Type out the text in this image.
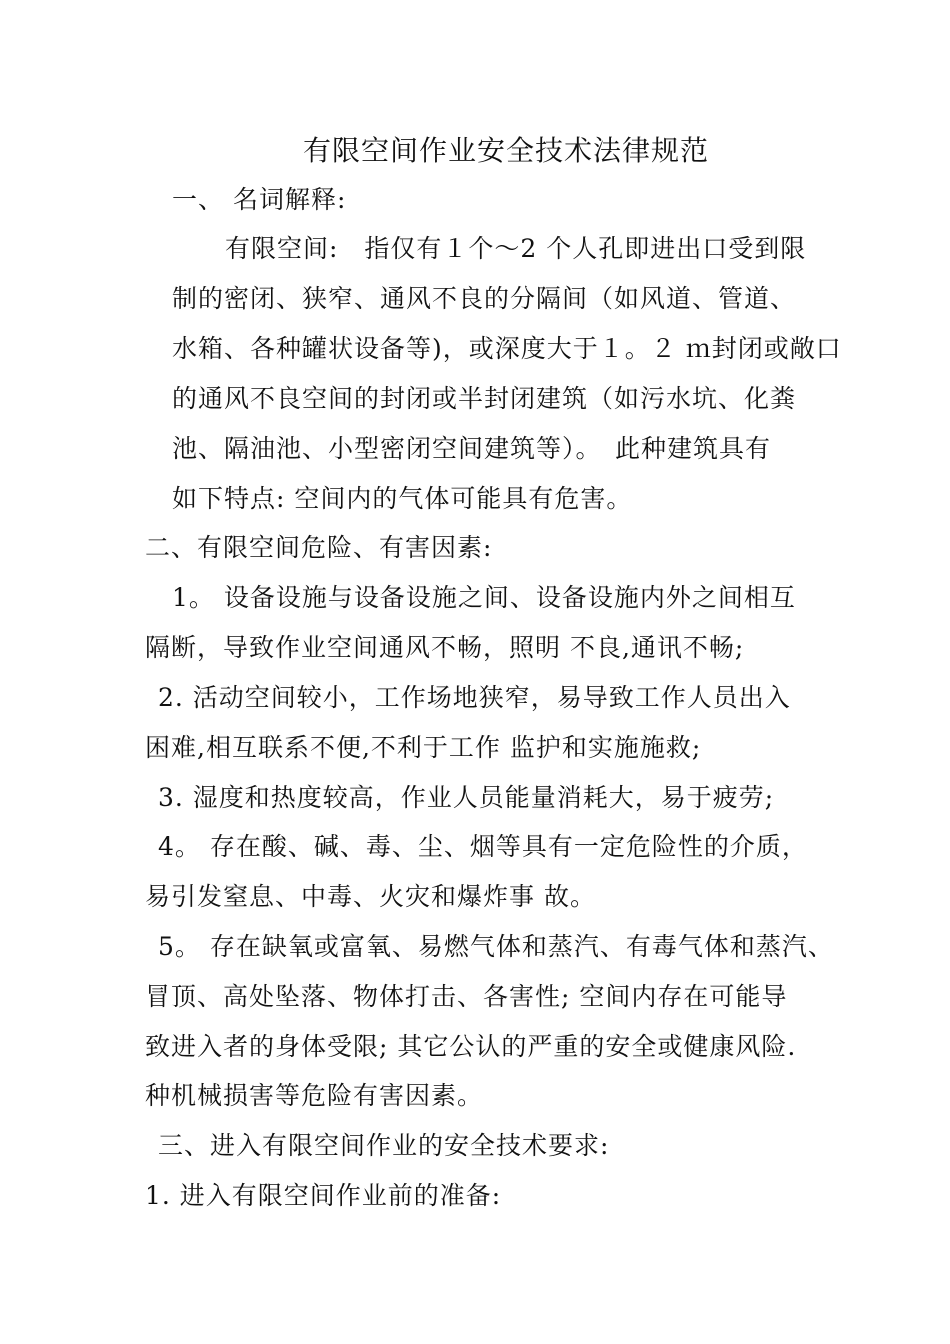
有限空间作业安全技术法律规范
一、 名词解释:
有限空间:　指仅有１个～2 个人孔即进出口受到限
制的密闭、狭窄、通风不良的分隔间（如风道、管道、
水箱、各种罐状设备等)，或深度大于１。２ ｍ封闭或敞口
的通风不良空间的封闭或半封闭建筑（如污水坑、化粪
池、隔油池、小型密闭空间建筑等）。　此种建筑具有
如下特点: 空间内的气体可能具有危害。
二、有限空间危险、有害因素:
1。 设备设施与设备设施之间、设备设施内外之间相互
隔断，导致作业空间通风不畅，照明 不良,通讯不畅;
2. 活动空间较小，工作场地狭窄，易导致工作人员出入
困难,相互联系不便,不利于工作 监护和实施施救;
3. 湿度和热度较高，作业人员能量消耗大，易于疲劳;
4。 存在酸、碱、毒、尘、烟等具有一定危险性的介质，
易引发窒息、中毒、火灾和爆炸事 故。
5。 存在缺氧或富氧、易燃气体和蒸汽、有毒气体和蒸汽、
冒顶、高处坠落、物体打击、各害性; 空间内存在可能导
致进入者的身体受限; 其它公认的严重的安全或健康风险.
种机械损害等危险有害因素。
三、进入有限空间作业的安全技术要求:
1. 进入有限空间作业前的准备:
